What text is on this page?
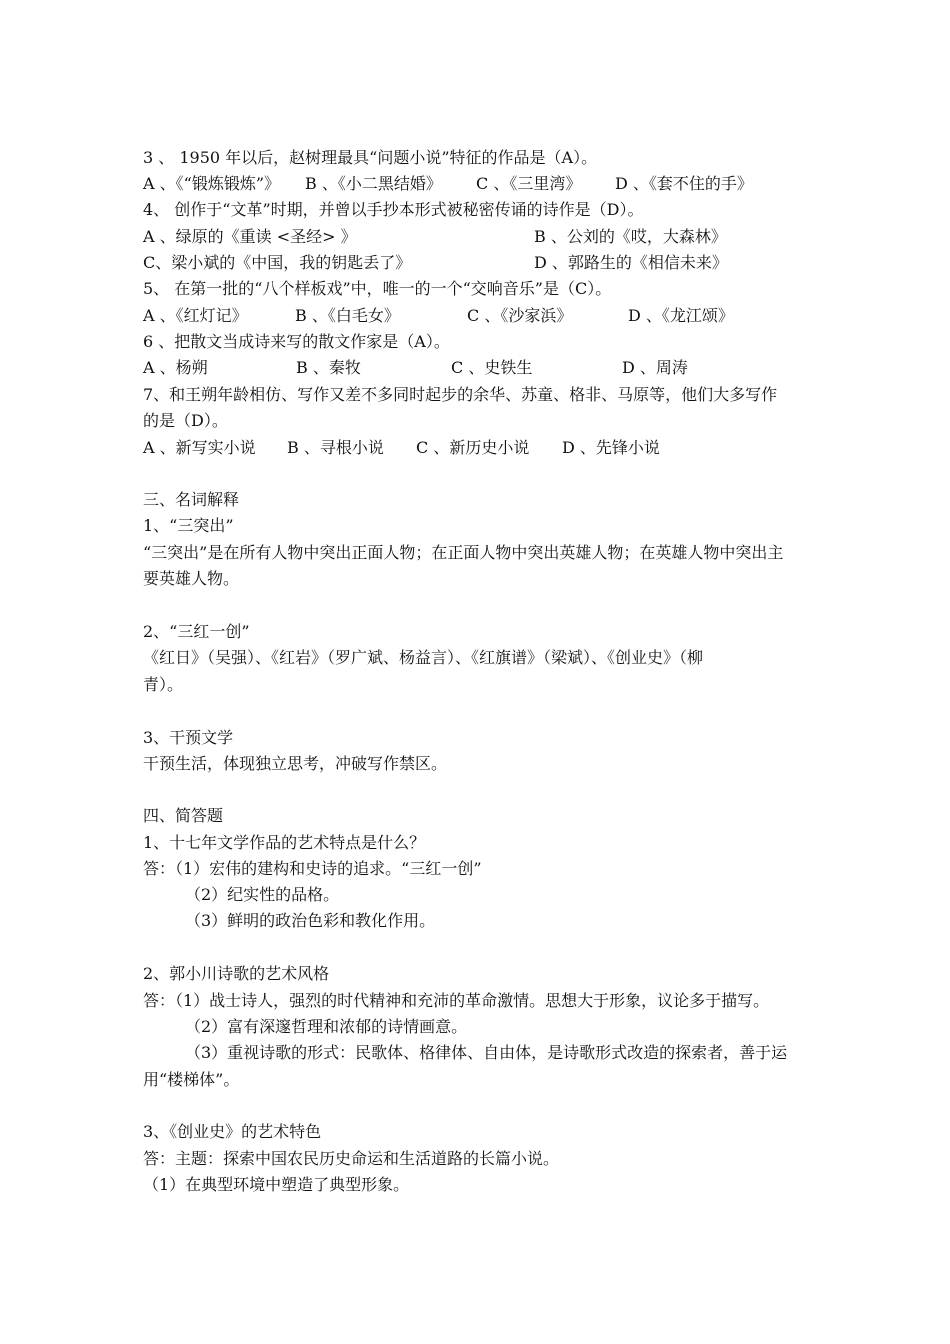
3 、 1950 年以后，赵树理最具“问题小说”特征的作品是（A）。
A 、《“锻炼锻炼”》 B 、《小二黑结婚》 C 、《三里湾》 D 、《套不住的手》
4、 创作于“文革”时期，并曾以手抄本形式被秘密传诵的诗作是（D）。
A 、绿原的《重读 <圣经> 》	B 、公刘的《哎，大森林》
C、梁小斌的《中国，我的钥匙丢了》	D 、郭路生的《相信未来》
5、 在第一批的“八个样板戏”中，唯一的一个“交响音乐”是（C）。
A 、《红灯记》	B 、《白毛女》	C 、《沙家浜》	D 、《龙江颂》
6 、把散文当成诗来写的散文作家是（A）。
A 、杨朔	B 、秦牧	C 、史铁生	D 、周涛
7、和王朔年龄相仿、写作又差不多同时起步的余华、苏童、格非、马原等，他们大多写作
的是（D）。
A 、新写实小说 B 、寻根小说 C 、新历史小说 D 、先锋小说
三、名词解释
1、“三突出”
“三突出”是在所有人物中突出正面人物；在正面人物中突出英雄人物；在英雄人物中突出主
要英雄人物。
2、“三红一创”
《红日》（吴强）、《红岩》（罗广斌、杨益言）、《红旗谱》（梁斌）、《创业史》（柳
青）。
3、干预文学
干预生活，体现独立思考，冲破写作禁区。
四、简答题
1、十七年文学作品的艺术特点是什么？
答：（1）宏伟的建构和史诗的追求。“三红一创”
（2）纪实性的品格。
（3）鲜明的政治色彩和教化作用。
2、郭小川诗歌的艺术风格
答：（1）战士诗人，强烈的时代精神和充沛的革命激情。思想大于形象，议论多于描写。
（2）富有深邃哲理和浓郁的诗情画意。
（3）重视诗歌的形式：民歌体、格律体、自由体，是诗歌形式改造的探索者，善于运
用“楼梯体”。
3、《创业史》的艺术特色
答：主题：探索中国农民历史命运和生活道路的长篇小说。
（1）在典型环境中塑造了典型形象。
